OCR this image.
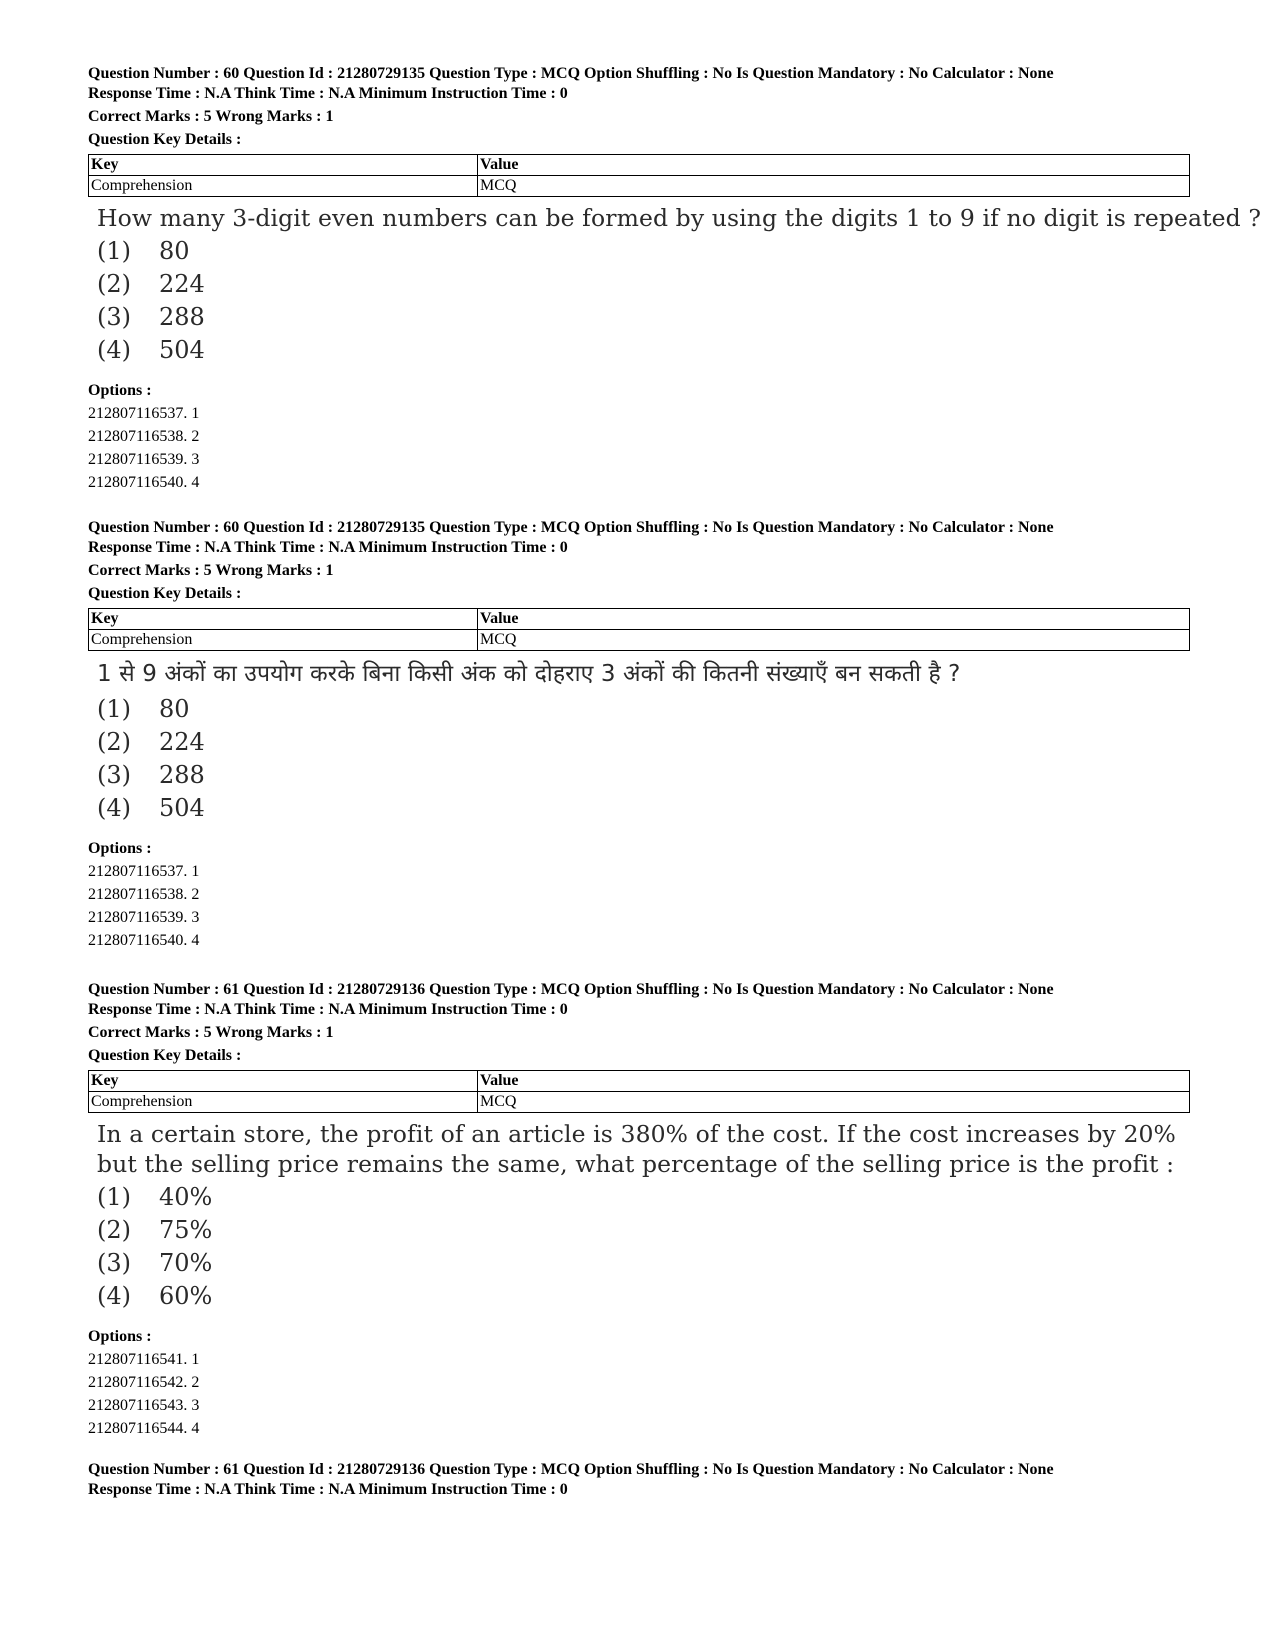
Question Number : 60 Question Id : 21280729135 Question Type : MCQ Option Shuffling : No Is Question Mandatory : No Calculator : None
Response Time : N.A Think Time : N.A Minimum Instruction Time : 0
Correct Marks : 5 Wrong Marks : 1
Question Key Details :
Key	Value
Comprehension	MCQ
How many 3-digit even numbers can be formed by using the digits 1 to 9 if no digit is repeated ?
(1) 80
(2) 224
(3) 288
(4) 504
Options :
212807116537. 1
212807116538. 2
212807116539. 3
212807116540. 4
Question Number : 60 Question Id : 21280729135 Question Type : MCQ Option Shuffling : No Is Question Mandatory : No Calculator : None
Response Time : N.A Think Time : N.A Minimum Instruction Time : 0
Correct Marks : 5 Wrong Marks : 1
Question Key Details :
Key	Value
Comprehension	MCQ
1 से 9 अंकों का उपयोग करके बिना किसी अंक को दोहराए 3 अंकों की कितनी संख्याएँ बन सकती है ?
(1) 80
(2) 224
(3) 288
(4) 504
Options :
212807116537. 1
212807116538. 2
212807116539. 3
212807116540. 4
Question Number : 61 Question Id : 21280729136 Question Type : MCQ Option Shuffling : No Is Question Mandatory : No Calculator : None
Response Time : N.A Think Time : N.A Minimum Instruction Time : 0
Correct Marks : 5 Wrong Marks : 1
Question Key Details :
Key	Value
Comprehension	MCQ
In a certain store, the profit of an article is 380% of the cost. If the cost increases by 20% but the selling price remains the same, what percentage of the selling price is the profit :
(1) 40%
(2) 75%
(3) 70%
(4) 60%
Options :
212807116541. 1
212807116542. 2
212807116543. 3
212807116544. 4
Question Number : 61 Question Id : 21280729136 Question Type : MCQ Option Shuffling : No Is Question Mandatory : No Calculator : None
Response Time : N.A Think Time : N.A Minimum Instruction Time : 0
